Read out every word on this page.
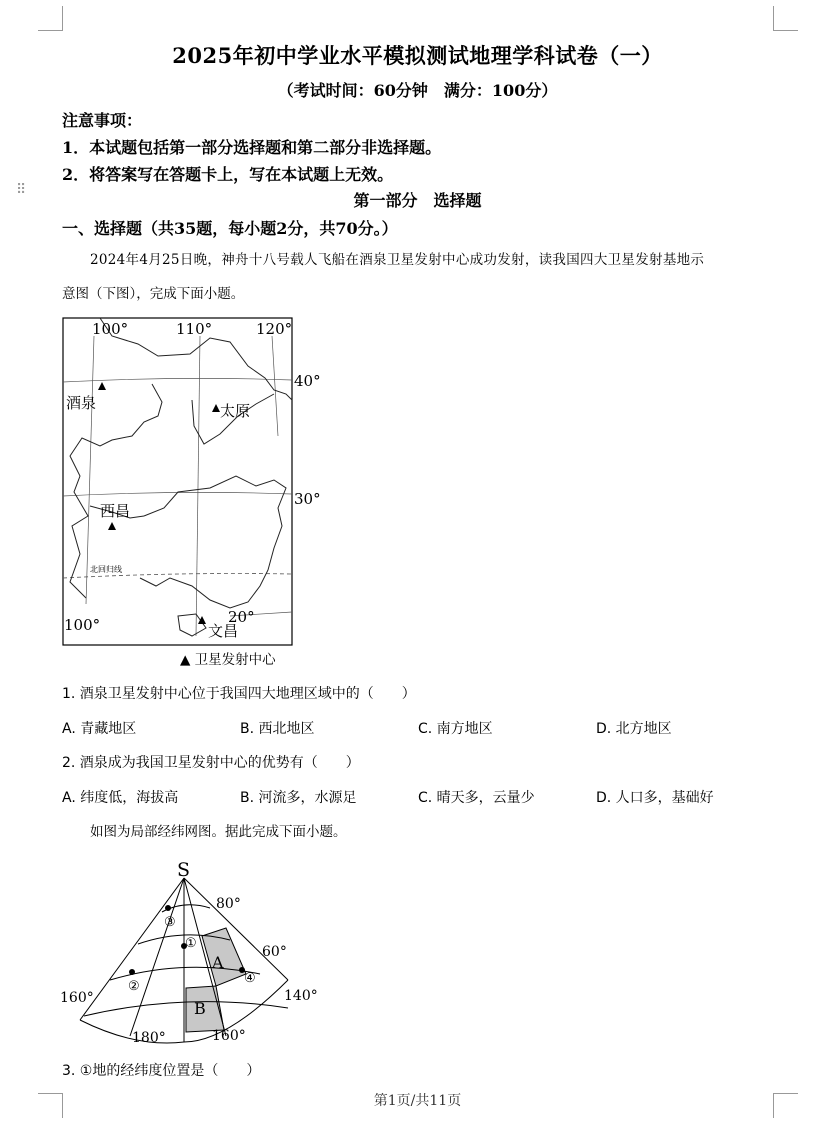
⠿
2025年初中学业水平模拟测试地理学科试卷（一）
（考试时间：60分钟　满分：100分）
注意事项：
1．本试题包括第一部分选择题和第二部分非选择题。
2．将答案写在答题卡上，写在本试题上无效。
第一部分　选择题
一、选择题（共35题，每小题2分，共70分。）
2024年4月25日晚，神舟十八号载人飞船在酒泉卫星发射中心成功发射，读我国四大卫星发射基地示
意图（下图），完成下面小题。
100°	110°	120°
40°
30°
20°
100°
北回归线
酒泉	太原
西昌
文昌
▲ 卫星发射中心
1. 酒泉卫星发射中心位于我国四大地理区域中的（　　）
A. 青藏地区	B. 西北地区	C. 南方地区	D. 北方地区
2. 酒泉成为我国卫星发射中心的优势有（　　）
A. 纬度低，海拔高	B. 河流多，水源足	C. 晴天多，云量少	D. 人口多，基础好
如图为局部经纬网图。据此完成下面小题。
S
80°
60°
160°	140°
180°	160°
①
②
③
④
A
B
3. ①地的经纬度位置是（　　）
第1页/共11页
